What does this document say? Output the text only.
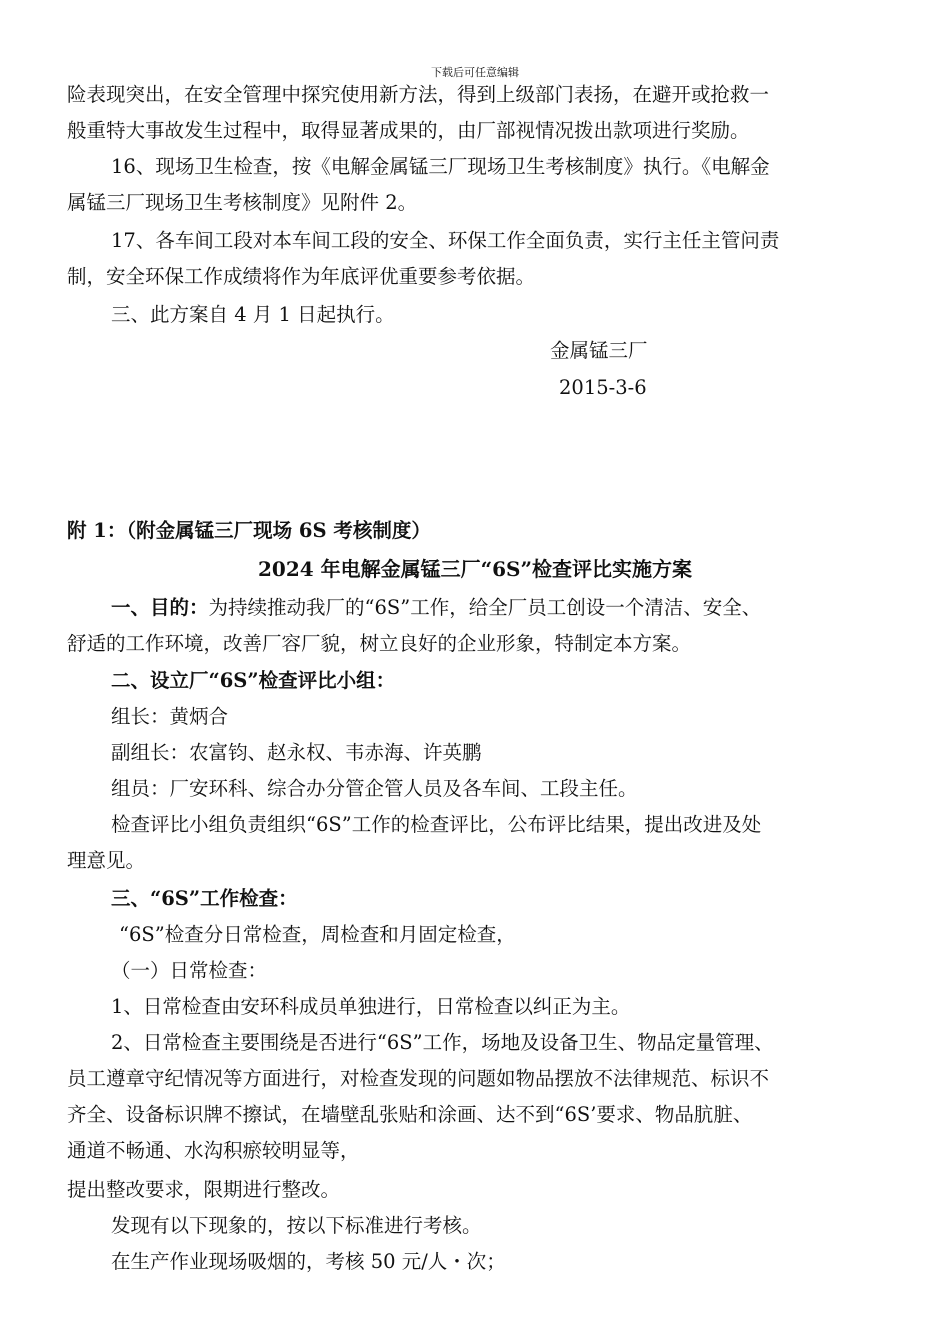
下载后可任意编辑
险表现突出，在安全管理中探究使用新方法，得到上级部门表扬，在避开或抢救一
般重特大事故发生过程中，取得显著成果的，由厂部视情况拨出款项进行奖励。
16、现场卫生检查，按《电解金属锰三厂现场卫生考核制度》执行。《电解金
属锰三厂现场卫生考核制度》见附件 2。
17、各车间工段对本车间工段的安全、环保工作全面负责，实行主任主管问责
制，安全环保工作成绩将作为年底评优重要参考依据。
三、此方案自 4 月 1 日起执行。
金属锰三厂
2015-3-6
附 1：（附金属锰三厂现场 6S 考核制度）
2024 年电解金属锰三厂“6S”检查评比实施方案
一、目的：为持续推动我厂的“6S”工作，给全厂员工创设一个清洁、安全、
舒适的工作环境，改善厂容厂貌，树立良好的企业形象，特制定本方案。
二、设立厂“6S”检查评比小组：
组长：黄炳合
副组长：农富钧、赵永权、韦赤海、许英鹏
组员：厂安环科、综合办分管企管人员及各车间、工段主任。
检查评比小组负责组织“6S”工作的检查评比，公布评比结果，提出改进及处
理意见。
三、“6S”工作检查：
“6S”检查分日常检查，周检查和月固定检查，
（一）日常检查：
1、日常检查由安环科成员单独进行，日常检查以纠正为主。
2、日常检查主要围绕是否进行“6S”工作，场地及设备卫生、物品定量管理、
员工遵章守纪情况等方面进行，对检查发现的问题如物品摆放不法律规范、标识不
齐全、设备标识牌不擦试，在墙壁乱张贴和涂画、达不到“6S’要求、物品肮脏、
通道不畅通、水沟积瘀较明显等，
提出整改要求，限期进行整改。
发现有以下现象的，按以下标准进行考核。
在生产作业现场吸烟的，考核 50 元/人・次；
